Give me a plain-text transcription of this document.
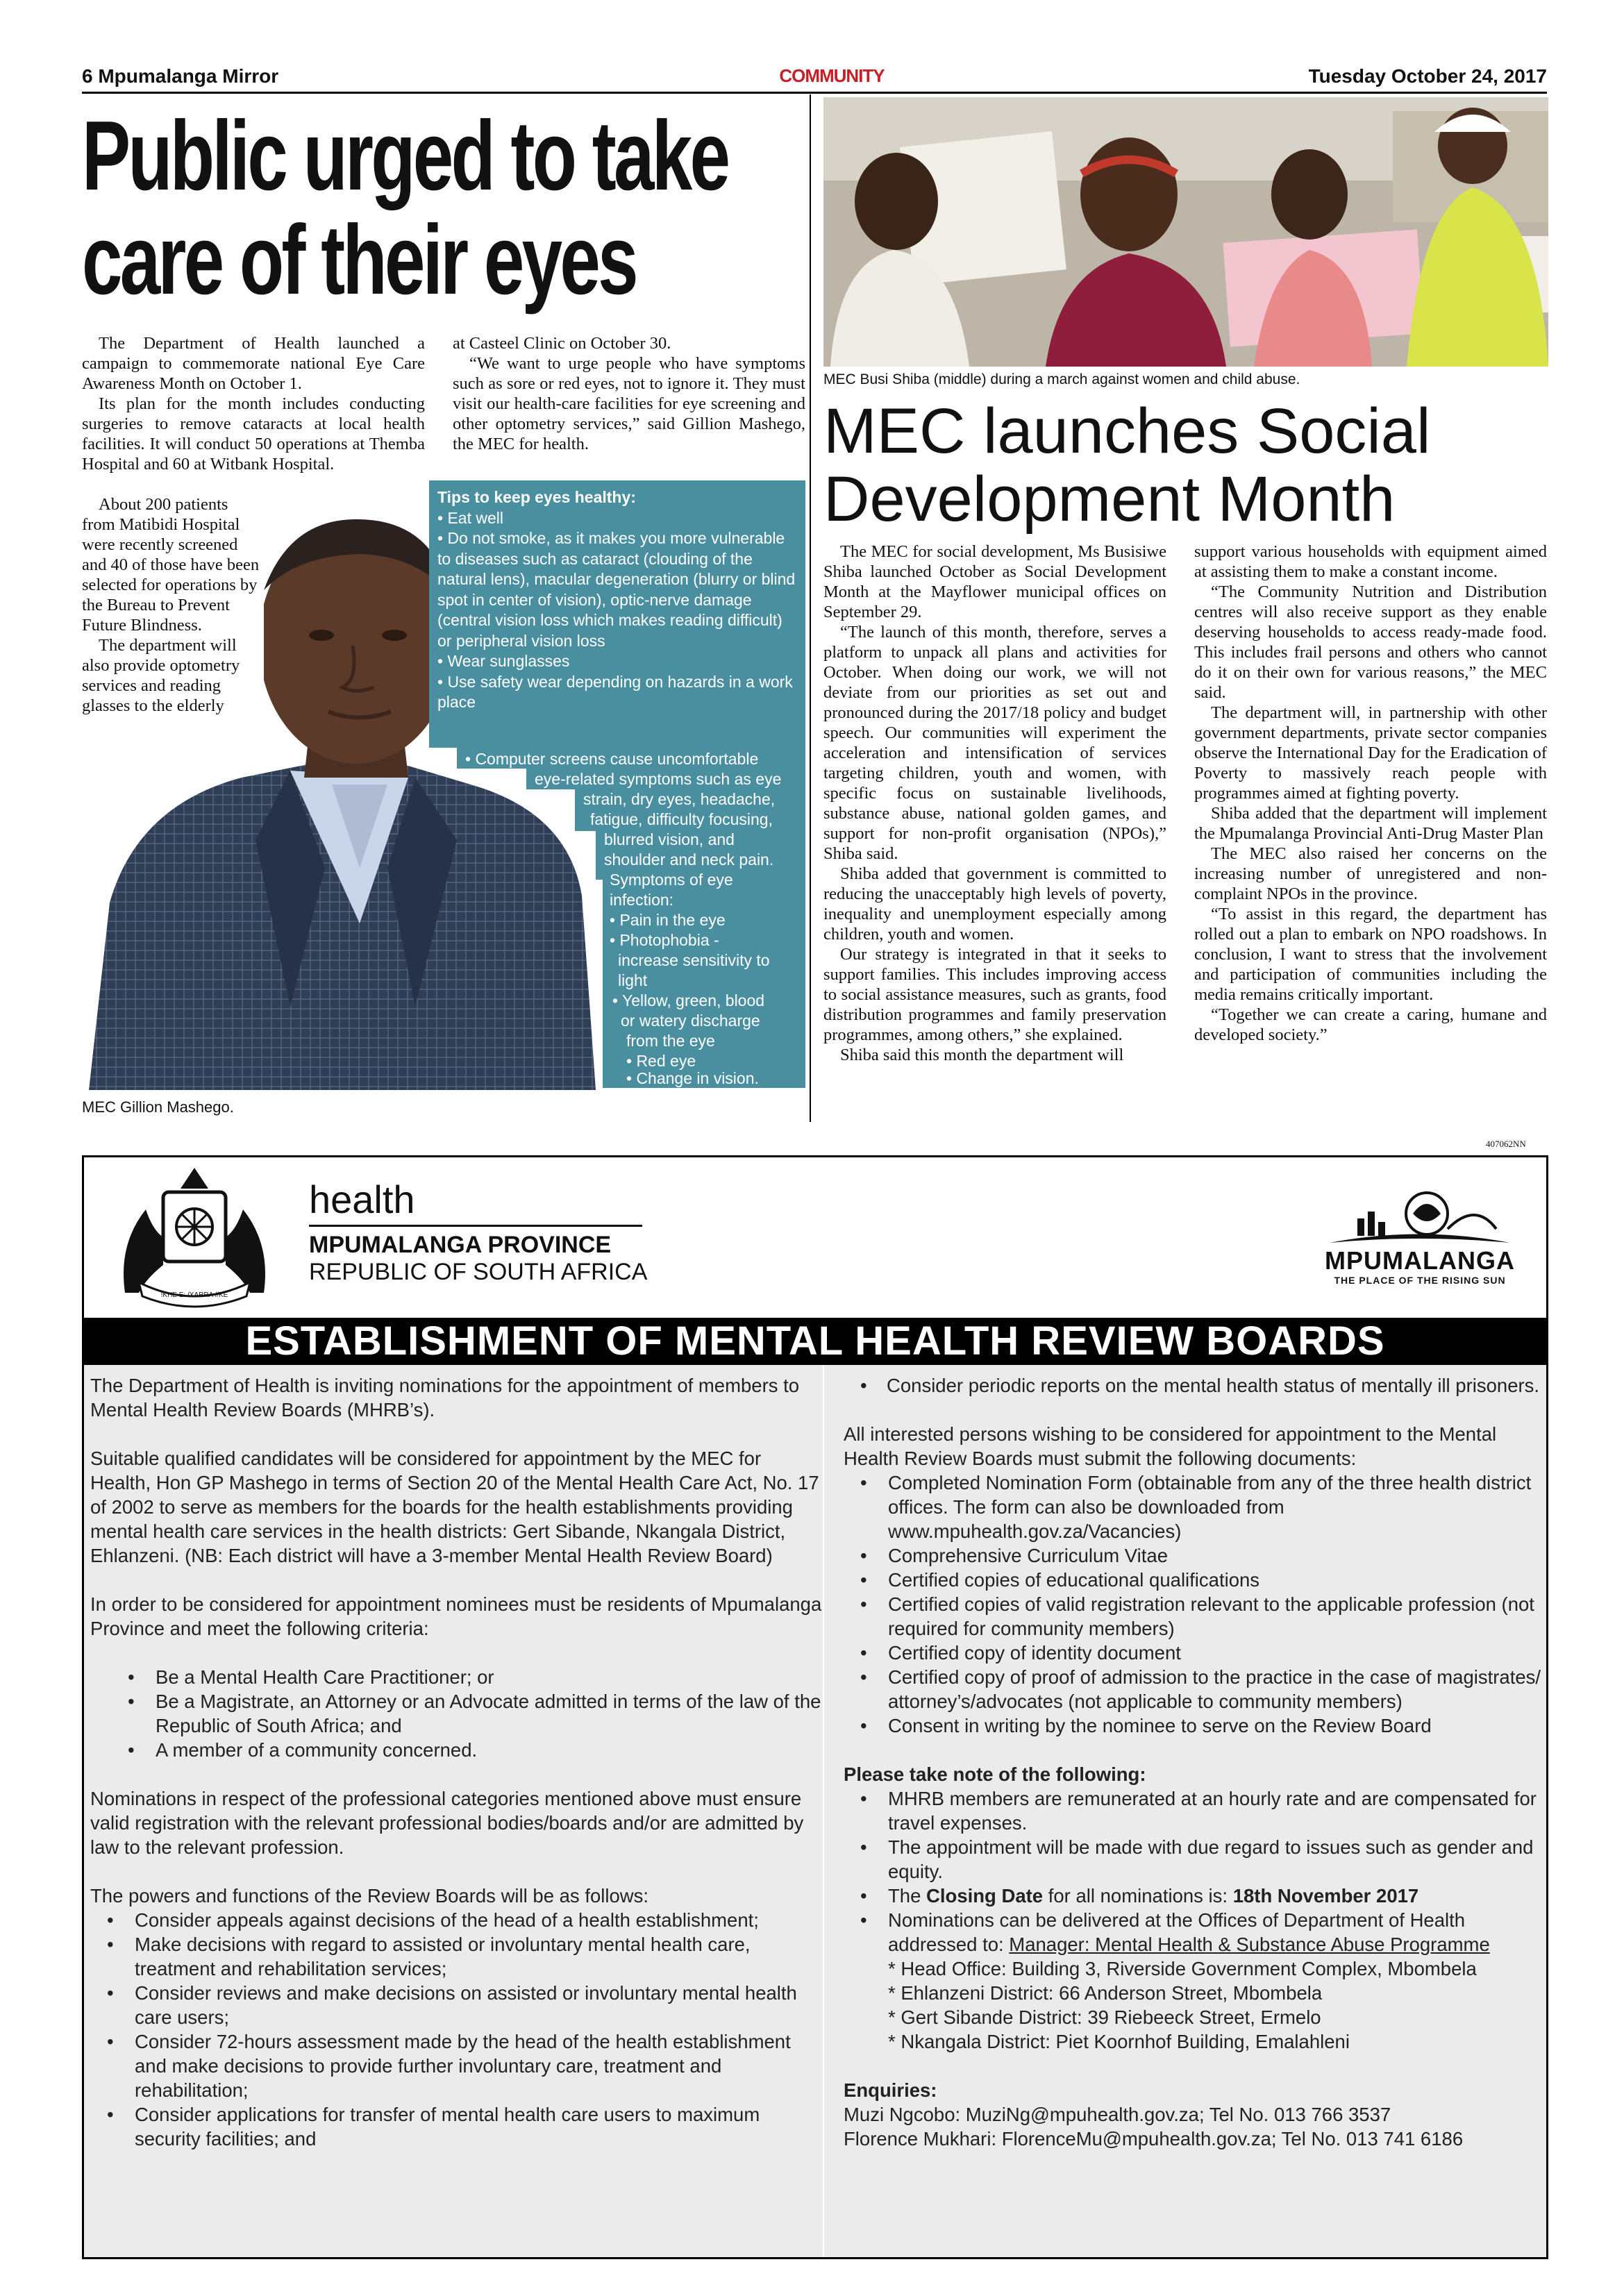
6 Mpumalanga Mirror	COMMUNITY	Tuesday October 24, 2017
Public urged to take
care of their eyes

The Department of Health launched a campaign to commemorate national Eye Care Awareness Month on October 1.

Its plan for the month includes conducting surgeries to remove cataracts at local health facilities. It will conduct 50 operations at Themba Hospital and 60 at Witbank Hospital.

About 200 patients from Matibidi Hospital were recently screened and 40 of those have been selected for operations by the Bureau to Prevent Future Blindness.

The department will also provide optometry services and reading glasses to the elderly

at Casteel Clinic on October 30.

“We want to urge people who have symptoms such as sore or red eyes, not to ignore it. They must visit our health-care facilities for eye screening and other optometry services,” said Gillion Mashego, the MEC for health.

Tips to keep eyes healthy:
• Eat well
• Do not smoke, as it makes you more vulnerable to diseases such as cataract (clouding of the natural lens), macular degeneration (blurry or blind spot in center of vision), optic-nerve damage (central vision loss which makes reading difficult) or peripheral vision loss
• Wear sunglasses
• Use safety wear depending on hazards in a work place
• Computer screens cause uncomfortable
eye-related symptoms such as eye
strain, dry eyes, headache,
fatigue, difficulty focusing,
blurred vision, and
shoulder and neck pain.
Symptoms of eye
infection:
• Pain in the eye
• Photophobia -
increase sensitivity to
light
• Yellow, green, blood
or watery discharge
from the eye
• Red eye
• Change in vision.
MEC Gillion Mashego.
MEC Busi Shiba (middle) during a march against women and child abuse.
MEC launches Social
Development Month

The MEC for social development, Ms Busisiwe Shiba launched October as Social Development Month at the Mayflower municipal offices on September 29.

“The launch of this month, therefore, serves a platform to unpack all plans and activities for October. When doing our work, we will not deviate from our priorities as set out and pronounced during the 2017/18 policy and budget speech. Our communities will experiment the acceleration and intensification of services targeting children, youth and women, with specific focus on sustainable livelihoods, substance abuse, national golden games, and support for non-profit organisation (NPOs),” Shiba said.

Shiba added that government is committed to reducing the unacceptably high levels of poverty, inequality and unemployment especially among children, youth and women.

Our strategy is integrated in that it seeks to support families. This includes improving access to social assistance measures, such as grants, food distribution programmes and family preservation programmes, among others,” she explained.

Shiba said this month the department will

support various households with equipment aimed at assisting them to make a constant income.

“The Community Nutrition and Distribution centres will also receive support as they enable deserving households to access ready-made food. This includes frail persons and others who cannot do it on their own for various reasons,” the MEC said.

The department will, in partnership with other government departments, private sector companies observe the International Day for the Eradication of Poverty to massively reach people with programmes aimed at fighting poverty.

Shiba added that the department will implement the Mpumalanga Provincial Anti-Drug Master Plan

The MEC also raised her concerns on the increasing number of unregistered and non-complaint NPOs in the province.

“To assist in this regard, the department has rolled out a plan to embark on NPO roadshows. In conclusion, I want to stress that the involvement and participation of communities including the media remains critically important.

“Together we can create a caring, humane and developed society.”

407062NN
!KHE E: /XARRA //KE
health
MPUMALANGA PROVINCE
REPUBLIC OF SOUTH AFRICA	MPUMALANGA
THE PLACE OF THE RISING SUN
ESTABLISHMENT OF MENTAL HEALTH REVIEW BOARDS

The Department of Health is inviting nominations for the appointment of members to Mental Health Review Boards (MHRB’s).

Suitable qualified candidates will be considered for appointment by the MEC for Health, Hon GP Mashego in terms of Section 20 of the Mental Health Care Act, No. 17 of 2002 to serve as members for the boards for the health establishments providing mental health care services in the health districts: Gert Sibande, Nkangala District, Ehlanzeni. (NB: Each district will have a 3-member Mental Health Review Board)

In order to be considered for appointment nominees must be residents of Mpumalanga Province and meet the following criteria:

• Be a Mental Health Care Practitioner; or
• Be a Magistrate, an Attorney or an Advocate admitted in terms of the law of the Republic of South Africa; and
• A member of a community concerned.

Nominations in respect of the professional categories mentioned above must ensure valid registration with the relevant professional bodies/boards and/or are admitted by law to the relevant profession.

The powers and functions of the Review Boards will be as follows:

• Consider appeals against decisions of the head of a health establishment;
• Make decisions with regard to assisted or involuntary mental health care, treatment and rehabilitation services;
• Consider reviews and make decisions on assisted or involuntary mental health care users;
• Consider 72-hours assessment made by the head of the health establishment and make decisions to provide further involuntary care, treatment and rehabilitation;
• Consider applications for transfer of mental health care users to maximum security facilities; and
• Consider periodic reports on the mental health status of mentally ill prisoners.

All interested persons wishing to be considered for appointment to the Mental Health Review Boards must submit the following documents:

• Completed Nomination Form (obtainable from any of the three health district offices. The form can also be downloaded from www.mpuhealth.gov.za/Vacancies)
• Comprehensive Curriculum Vitae
• Certified copies of educational qualifications
• Certified copies of valid registration relevant to the applicable profession (not required for community members)
• Certified copy of identity document
• Certified copy of proof of admission to the practice in the case of magistrates/ attorney’s/advocates (not applicable to community members)
• Consent in writing by the nominee to serve on the Review Board

Please take note of the following:

• MHRB members are remunerated at an hourly rate and are compensated for travel expenses.
• The appointment will be made with due regard to issues such as gender and equity.
• The Closing Date for all nominations is: 18th November 2017
• Nominations can be delivered at the Offices of Department of Health addressed to: Manager: Mental Health & Substance Abuse Programme
* Head Office: Building 3, Riverside Government Complex, Mbombela
* Ehlanzeni District: 66 Anderson Street, Mbombela
* Gert Sibande District: 39 Riebeeck Street, Ermelo
* Nkangala District: Piet Koornhof Building, Emalahleni

Enquiries:

Muzi Ngcobo: MuziNg@mpuhealth.gov.za; Tel No. 013 766 3537

Florence Mukhari: FlorenceMu@mpuhealth.gov.za; Tel No. 013 741 6186
